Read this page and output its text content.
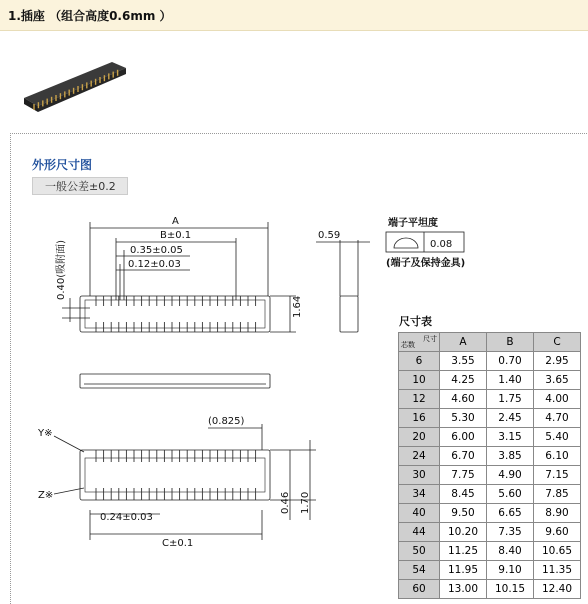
1.插座 （组合高度0.6mm ）
外形尺寸图
一般公差±0.2
A
B±0.1
0.35±0.05
0.12±0.03
1.64
0.40(吸附面)
0.59
端子平坦度
0.08
(端子及保持金具)
Y※
Z※
(0.825)
0.24±0.03
C±0.1
0.46 1.70
尺寸表
芯数
尺寸	A	B	C
6	3.55	0.70	2.95
10	4.25	1.40	3.65
12	4.60	1.75	4.00
16	5.30	2.45	4.70
20	6.00	3.15	5.40
24	6.70	3.85	6.10
30	7.75	4.90	7.15
34	8.45	5.60	7.85
40	9.50	6.65	8.90
44	10.20	7.35	9.60
50	11.25	8.40	10.65
54	11.95	9.10	11.35
60	13.00	10.15	12.40
